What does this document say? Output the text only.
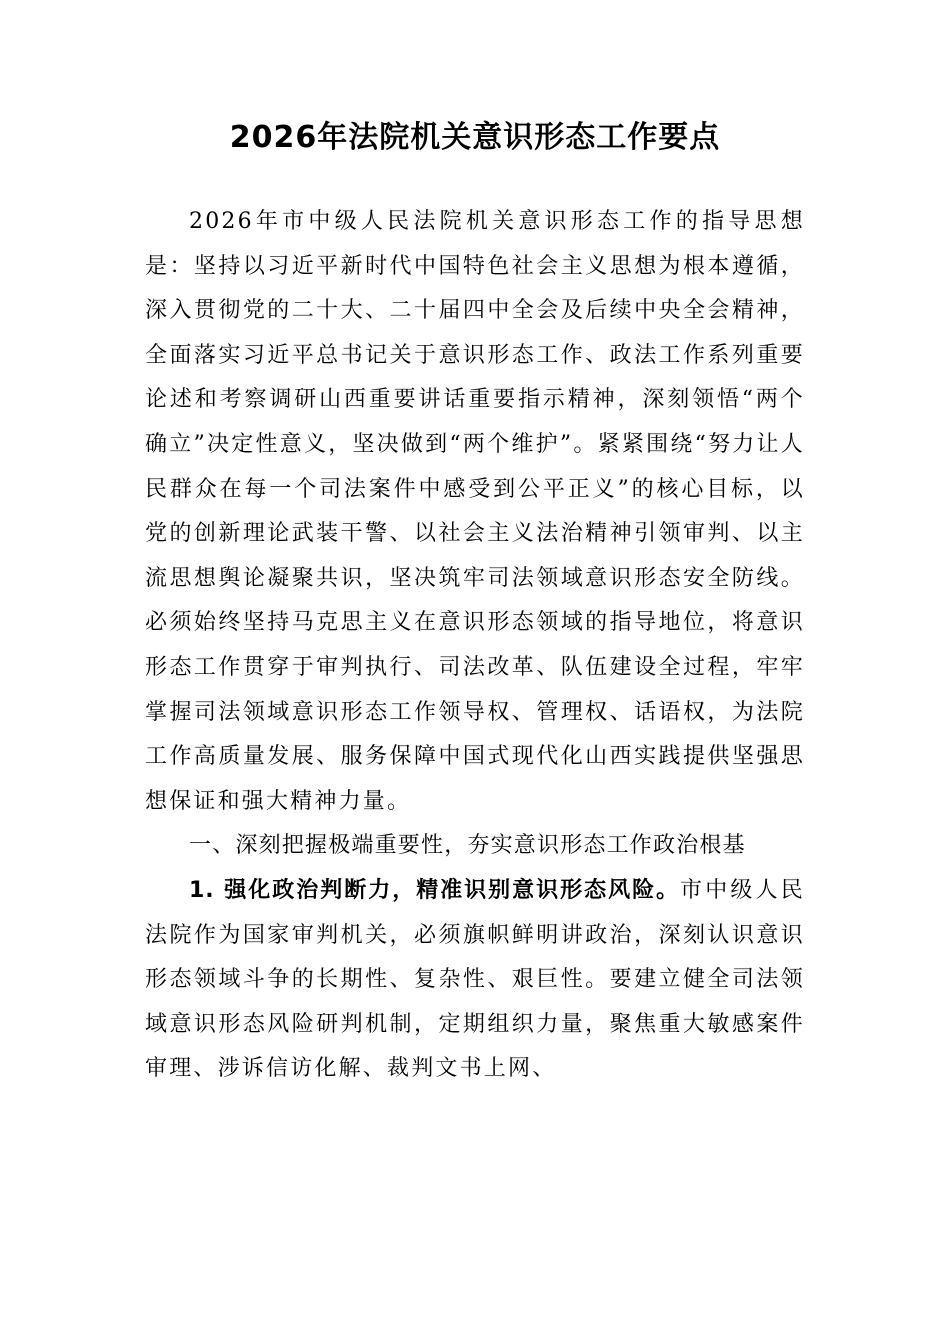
2026年法院机关意识形态工作要点

2026年市中级人民法院机关意识形态工作的指导思想是：坚持以习近平新时代中国特色社会主义思想为根本遵循，深入贯彻党的二十大、二十届四中全会及后续中央全会精神，全面落实习近平总书记关于意识形态工作、政法工作系列重要论述和考察调研山西重要讲话重要指示精神，深刻领悟“两个确立”决定性意义，坚决做到“两个维护”。紧紧围绕“努力让人民群众在每一个司法案件中感受到公平正义”的核心目标，以党的创新理论武装干警、以社会主义法治精神引领审判、以主流思想舆论凝聚共识，坚决筑牢司法领域意识形态安全防线。必须始终坚持马克思主义在意识形态领域的指导地位，将意识形态工作贯穿于审判执行、司法改革、队伍建设全过程，牢牢掌握司法领域意识形态工作领导权、管理权、话语权，为法院工作高质量发展、服务保障中国式现代化山西实践提供坚强思想保证和强大精神力量。

一、深刻把握极端重要性，夯实意识形态工作政治根基

1. 强化政治判断力，精准识别意识形态风险。市中级人民法院作为国家审判机关，必须旗帜鲜明讲政治，深刻认识意识形态领域斗争的长期性、复杂性、艰巨性。要建立健全司法领域意识形态风险研判机制，定期组织力量，聚焦重大敏感案件审理、涉诉信访化解、裁判文书上网、
